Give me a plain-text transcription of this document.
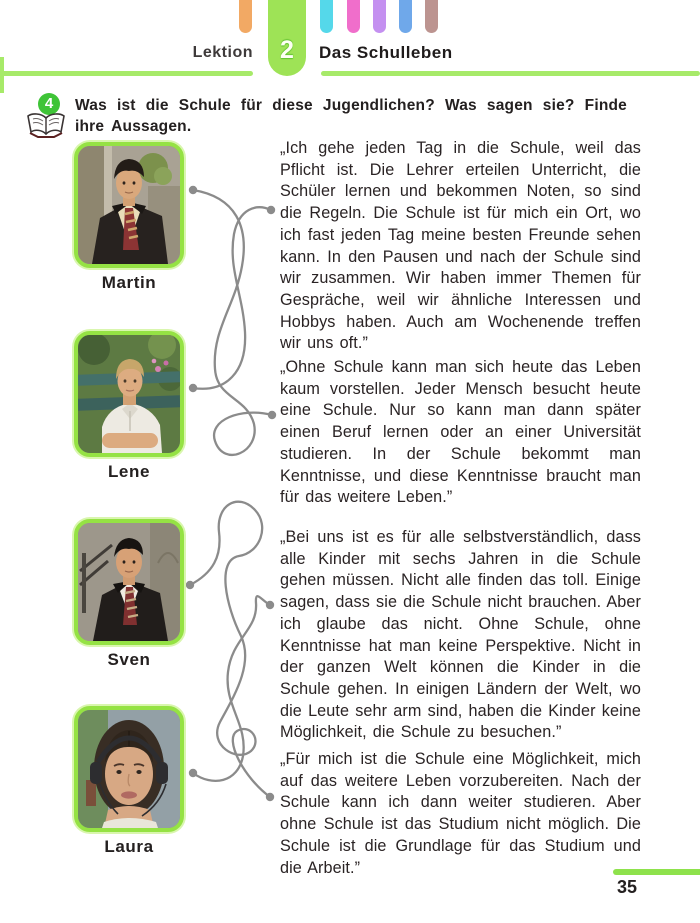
2
Lektion	Das Schulleben
4	Was ist die Schule für diese Jugendlichen? Was sagen sie? Finde ihre Aussagen.
Martin
Lene
Sven
Laura
„Ich gehe jeden Tag in die Schule, weil das Pflicht ist. Die Lehrer erteilen Unterricht, die Schüler lernen und bekommen Noten, so sind die Regeln. Die Schule ist für mich ein Ort, wo ich fast jeden Tag meine besten Freunde sehen kann. In den Pausen und nach der Schule sind wir zusammen. Wir haben immer Themen für Gespräche, weil wir ähnliche Interessen und Hobbys haben. Auch am Wochenende treffen wir uns oft.”
„Ohne Schule kann man sich heute das Leben kaum vorstellen. Jeder Mensch besucht heute eine Schule. Nur so kann man dann später einen Beruf lernen oder an einer Universität studieren. In der Schule bekommt man Kenntnisse, und diese Kenntnisse braucht man für das weitere Leben.”
„Bei uns ist es für alle selbstverständlich, dass alle Kinder mit sechs Jahren in die Schule gehen müssen. Nicht alle finden das toll. Einige sagen, dass sie die Schule nicht brauchen. Aber ich glaube das nicht. Ohne Schule, ohne Kenntnisse hat man keine Perspektive. Nicht in der ganzen Welt können die Kinder in die Schule gehen. In einigen Ländern der Welt, wo die Leute sehr arm sind, haben die Kinder keine Möglichkeit, die Schule zu besuchen.”
„Für mich ist die Schule eine Möglichkeit, mich auf das weitere Leben vorzubereiten. Nach der Schule kann ich dann weiter studieren. Aber ohne Schule ist das Studium nicht möglich. Die Schule ist die Grundlage für das Studium und die Arbeit.”
35
